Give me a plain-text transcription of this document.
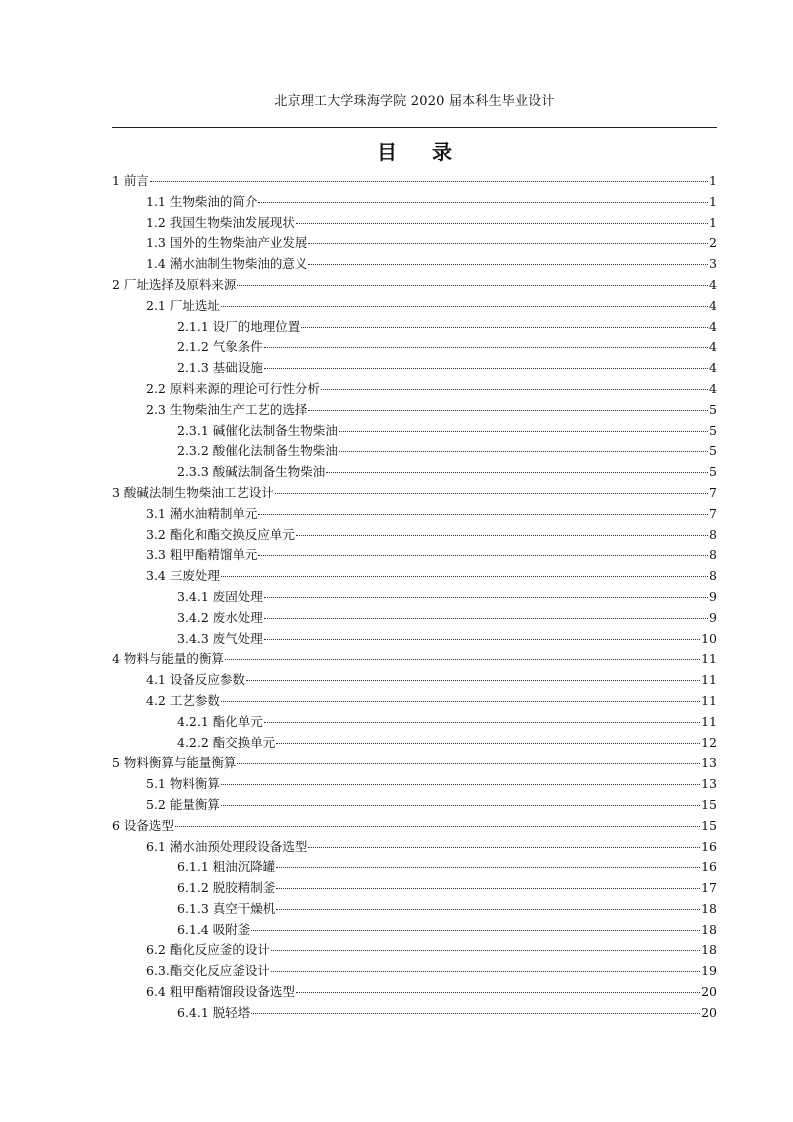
北京理工大学珠海学院 2020 届本科生毕业设计
目 录
1 前言	1
1.1 生物柴油的简介	1
1.2 我国生物柴油发展现状	1
1.3 国外的生物柴油产业发展	2
1.4 潲水油制生物柴油的意义	3
2 厂址选择及原料来源	4
2.1 厂址选址	4
2.1.1 设厂的地理位置	4
2.1.2 气象条件	4
2.1.3 基础设施	4
2.2 原料来源的理论可行性分析	4
2.3 生物柴油生产工艺的选择	5
2.3.1 碱催化法制备生物柴油	5
2.3.2 酸催化法制备生物柴油	5
2.3.3 酸碱法制备生物柴油	5
3 酸碱法制生物柴油工艺设计	7
3.1 潲水油精制单元	7
3.2 酯化和酯交换反应单元	8
3.3 粗甲酯精馏单元	8
3.4 三废处理	8
3.4.1 废固处理	9
3.4.2 废水处理	9
3.4.3 废气处理	10
4 物料与能量的衡算	11
4.1 设备反应参数	11
4.2 工艺参数	11
4.2.1 酯化单元	11
4.2.2 酯交换单元	12
5 物料衡算与能量衡算	13
5.1 物料衡算	13
5.2 能量衡算	15
6 设备选型	15
6.1 潲水油预处理段设备选型	16
6.1.1 粗油沉降罐	16
6.1.2 脱胶精制釜	17
6.1.3 真空干燥机	18
6.1.4 吸附釜	18
6.2 酯化反应釜的设计	18
6.3.酯交化反应釜设计	19
6.4 粗甲酯精馏段设备选型	20
6.4.1 脱轻塔	20
